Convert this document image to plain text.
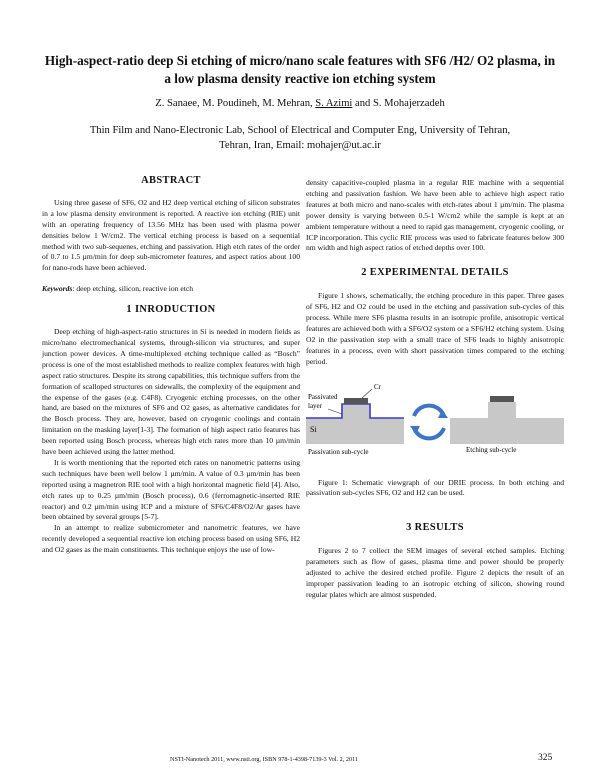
High-aspect-ratio deep Si etching of micro/nano scale features with SF6 /H2/ O2 plasma, in a low plasma density reactive ion etching system
Z. Sanaee, M. Poudineh, M. Mehran, S. Azimi and S. Mohajerzadeh
Thin Film and Nano-Electronic Lab, School of Electrical and Computer Eng, University of Tehran,
Tehran, Iran, Email: mohajer@ut.ac.ir
ABSTRACT

Using three gasese of SF6, O2 and H2 deep vertical etching of silicon substrates in a low plasma density environment is reported. A reactive ion etching (RIE) unit with an operating frequency of 13.56 MHz has been used with plasma power densities below 1 W/cm2. The vertical etching process is based on a sequential method with two sub-sequenes, etching and passivation. High etch rates of the order of 0.7 to 1.5 µm/min for deep sub-micrometer features, and aspect ratios about 100 for nano-rods have been achieved.

Keywords: deep etching, silicon, reactive ion etch

1 INRODUCTION

Deep etching of high-aspect-ratio structures in Si is needed in modern fields as micro/nano electromechanical systems, through-silicon via structures, and super junction power devices. A time-multiplexed etching technique called as “Bosch” process is one of the most established methods to realize complex features with high aspect ratio structures. Despite its strong capabilities, this technique suffers from the formation of scalloped structures on sidewalls, the complexity of the equipment and the expense of the gases (e.g. C4F8). Cryogenic etching processes, on the other hand, are based on the mixtures of SF6 and O2 gases, as alternative candidates for the Bosch process. They are, however, based on cryogenic coolings and contain limitation on the masking layer[1-3]. The formation of high aspect ratio features has been reported using Bosch process, whereas high etch rates more than 10 µm/min have been achieved using the latter method.

It is worth mentioning that the reported etch rates on nanometric patterns using such techniques have been well below 1 µm/min. A value of 0.3 µm/min has been reported using a magnetron RIE tool with a high horizontal magnetic field [4]. Also, etch rates up to 0.25 µm/min (Bosch process), 0.6 (ferromagnetic-inserted RIE reactor) and 0.2 µm/min using ICP and a mixture of SF6/C4F8/O2/Ar gases have been obtained by several groups [5-7].

In an attempt to realize submicrometer and nanometric features, we have recently developed a sequential reactive ion etching process based on using SF6, H2 and O2 gases as the main constituents. This technique enjoys the use of low-

density capacitive-coupled plasma in a regular RIE machine with a sequential etching and passivation fashion. We have been able to achieve high aspect ratio features at both micro and nano-scales with etch-rates about 1 µm/min. The plasma power density is varying between 0.5-1 W/cm2 while the sample is kept at an ambient temperature without a need to rapid gas management, cryogenic cooling, or ICP incorporation. This cyclic RIE process was used to fabricate features below 300 nm width and high aspect ratios of etched depths over 100.

2 EXPERIMENTAL DETAILS

Figure 1 shows, schematically, the etching procedure in this paper. Three gases of SF6, H2 and O2 could be used in the etching and passivation sub-cycles of this process. While mere SF6 plasma results in an isotropic profile, anisotropic vertical features are achieved both with a SF6/O2 system or a SF6/H2 etching system. Using O2 in the passivation step with a small trace of SF6 leads to highly anisotropic features in a process, even with short passivation times compared to the etching period.

Cr
Passivated
layer
Si
Passivation sub-cycle	Etching sub-cycle

Figure 1: Schematic viewgraph of our DRIE process. In both etching and passivation sub-cycles SF6, O2 and H2 can be used.

3 RESULTS

Figures 2 to 7 collect the SEM images of several etched samples. Etching parameters such as flow of gases, plasma time and power should be properly adjusted to achive the desired etched profile. Figure 2 depicts the result of an improper passivation leading to an isotropic etching of silicon, showing round regular plates which are almost suspended.

NSTI-Nanotech 2011, www.nsti.org, ISBN 978-1-4398-7139-3 Vol. 2, 2011	325
